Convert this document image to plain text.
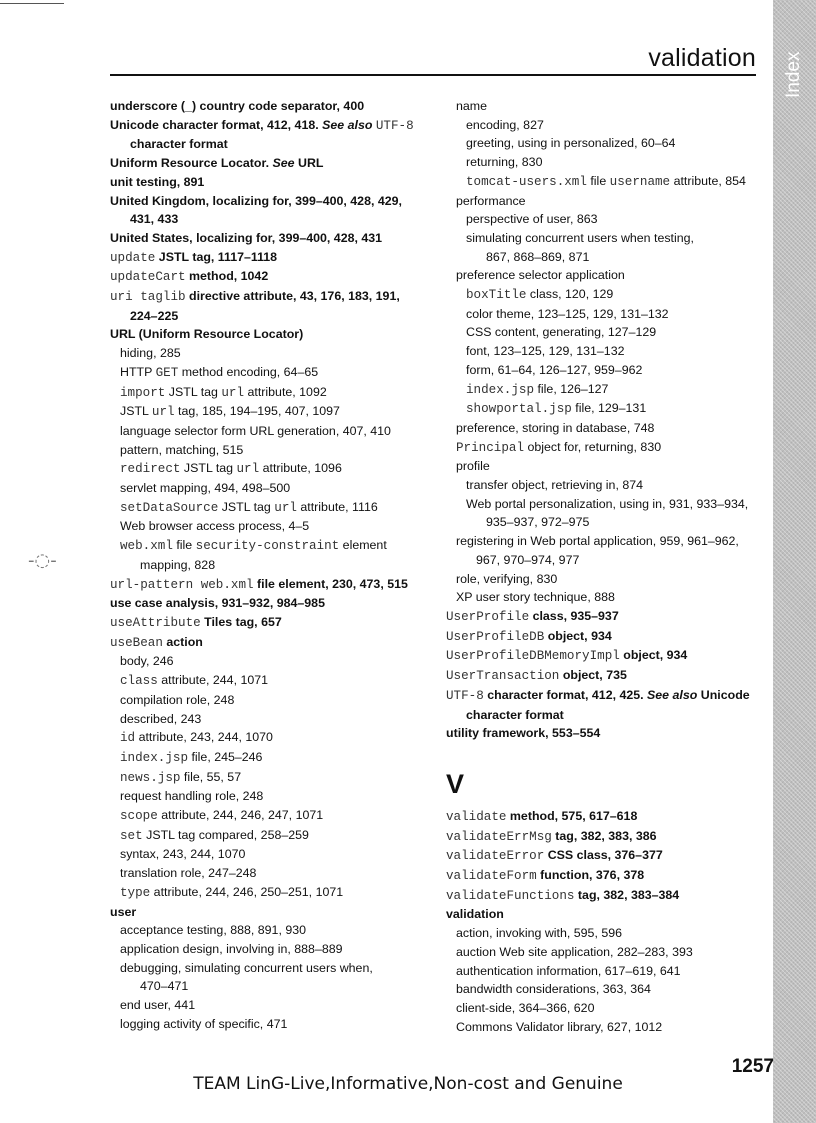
Index
validation
-◌-
underscore (_) country code separator, 400
Unicode character format, 412, 418. See also UTF-8
character format
Uniform Resource Locator. See URL
unit testing, 891
United Kingdom, localizing for, 399–400, 428, 429,
431, 433
United States, localizing for, 399–400, 428, 431
update JSTL tag, 1117–1118
updateCart method, 1042
uri taglib directive attribute, 43, 176, 183, 191,
224–225
URL (Uniform Resource Locator)
hiding, 285
HTTP GET method encoding, 64–65
import JSTL tag url attribute, 1092
JSTL url tag, 185, 194–195, 407, 1097
language selector form URL generation, 407, 410
pattern, matching, 515
redirect JSTL tag url attribute, 1096
servlet mapping, 494, 498–500
setDataSource JSTL tag url attribute, 1116
Web browser access process, 4–5
web.xml file security-constraint element
mapping, 828
url-pattern web.xml file element, 230, 473, 515
use case analysis, 931–932, 984–985
useAttribute Tiles tag, 657
useBean action
body, 246
class attribute, 244, 1071
compilation role, 248
described, 243
id attribute, 243, 244, 1070
index.jsp file, 245–246
news.jsp file, 55, 57
request handling role, 248
scope attribute, 244, 246, 247, 1071
set JSTL tag compared, 258–259
syntax, 243, 244, 1070
translation role, 247–248
type attribute, 244, 246, 250–251, 1071
user
acceptance testing, 888, 891, 930
application design, involving in, 888–889
debugging, simulating concurrent users when,
470–471
end user, 441
logging activity of specific, 471
name
encoding, 827
greeting, using in personalized, 60–64
returning, 830
tomcat-users.xml file username attribute, 854
performance
perspective of user, 863
simulating concurrent users when testing,
867, 868–869, 871
preference selector application
boxTitle class, 120, 129
color theme, 123–125, 129, 131–132
CSS content, generating, 127–129
font, 123–125, 129, 131–132
form, 61–64, 126–127, 959–962
index.jsp file, 126–127
showportal.jsp file, 129–131
preference, storing in database, 748
Principal object for, returning, 830
profile
transfer object, retrieving in, 874
Web portal personalization, using in, 931, 933–934,
935–937, 972–975
registering in Web portal application, 959, 961–962,
967, 970–974, 977
role, verifying, 830
XP user story technique, 888
UserProfile class, 935–937
UserProfileDB object, 934
UserProfileDBMemoryImpl object, 934
UserTransaction object, 735
UTF-8 character format, 412, 425. See also Unicode
character format
utility framework, 553–554
V
validate method, 575, 617–618
validateErrMsg tag, 382, 383, 386
validateError CSS class, 376–377
validateForm function, 376, 378
validateFunctions tag, 382, 383–384
validation
action, invoking with, 595, 596
auction Web site application, 282–283, 393
authentication information, 617–619, 641
bandwidth considerations, 363, 364
client-side, 364–366, 620
Commons Validator library, 627, 1012
1257
TEAM LinG-Live,Informative,Non-cost and Genuine
